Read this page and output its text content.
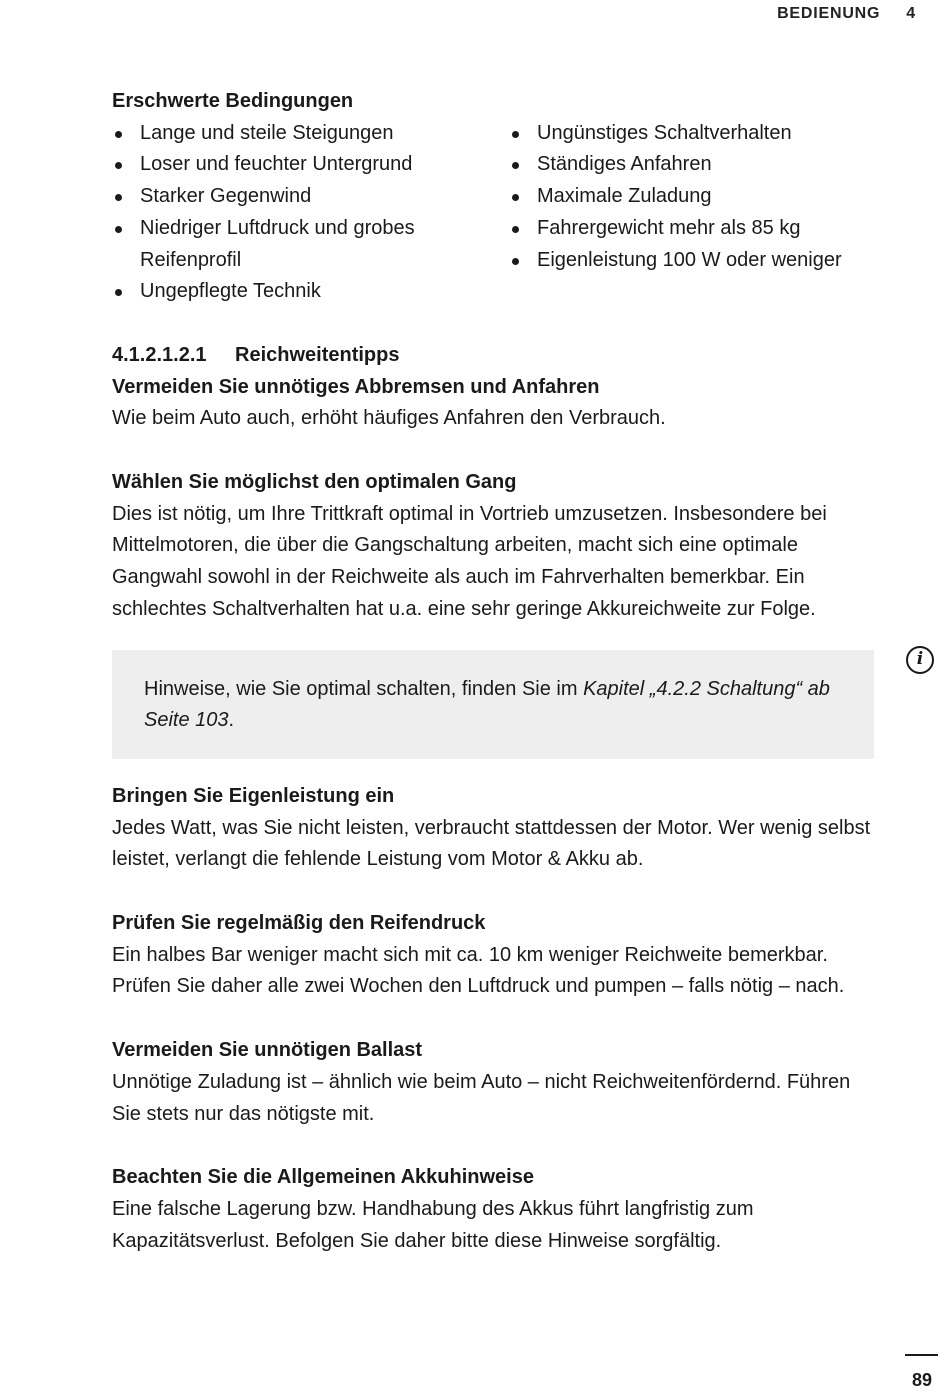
BEDIENUNG 4
i

Erschwerte Bedingungen

Lange und steile Steigungen
Loser und feuchter Untergrund
Starker Gegenwind
Niedriger Luftdruck und grobes Reifenprofil
Ungepflegte Technik
Ungünstiges Schaltverhalten
Ständiges Anfahren
Maximale Zuladung
Fahrergewicht mehr als 85 kg
Eigenleistung 100 W oder weniger

4.1.2.1.2.1 Reichweitentipps

Vermeiden Sie unnötiges Abbremsen und Anfahren

Wie beim Auto auch, erhöht häufiges Anfahren den Verbrauch.

Wählen Sie möglichst den optimalen Gang

Dies ist nötig, um Ihre Trittkraft optimal in Vortrieb umzusetzen. Insbesondere bei Mittelmotoren, die über die Gangschaltung arbeiten, macht sich eine optimale Gangwahl sowohl in der Reichweite als auch im Fahrverhalten bemerkbar. Ein schlechtes Schaltverhalten hat u.a. eine sehr geringe Akkureichweite zur Folge.

Hinweise, wie Sie optimal schalten, finden Sie im Kapitel „4.2.2 Schaltung“ ab Seite 103.

Bringen Sie Eigenleistung ein

Jedes Watt, was Sie nicht leisten, verbraucht stattdessen der Motor. Wer wenig selbst leistet, verlangt die fehlende Leistung vom Motor & Akku ab.

Prüfen Sie regelmäßig den Reifendruck

Ein halbes Bar weniger macht sich mit ca. 10 km weniger Reichweite bemerkbar. Prüfen Sie daher alle zwei Wochen den Luftdruck und pumpen – falls nötig – nach.

Vermeiden Sie unnötigen Ballast

Unnötige Zuladung ist – ähnlich wie beim Auto – nicht Reichweitenfördernd. Führen Sie stets nur das nötigste mit.

Beachten Sie die Allgemeinen Akkuhinweise

Eine falsche Lagerung bzw. Handhabung des Akkus führt langfristig zum Kapazitätsverlust. Befolgen Sie daher bitte diese Hinweise sorgfältig.

89
